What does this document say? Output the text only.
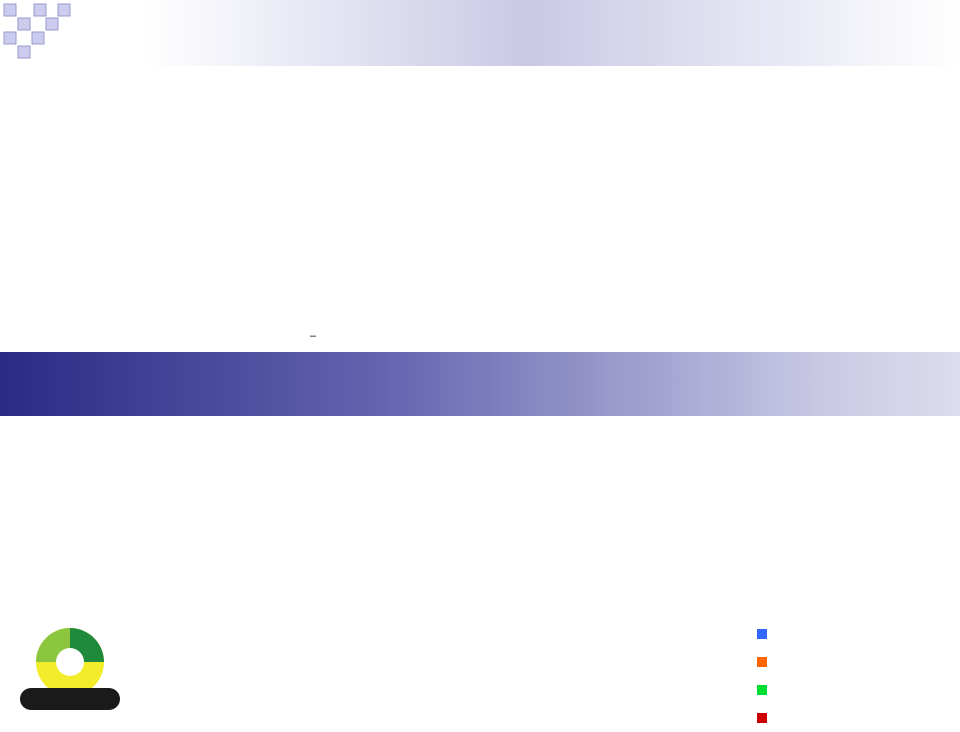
–
